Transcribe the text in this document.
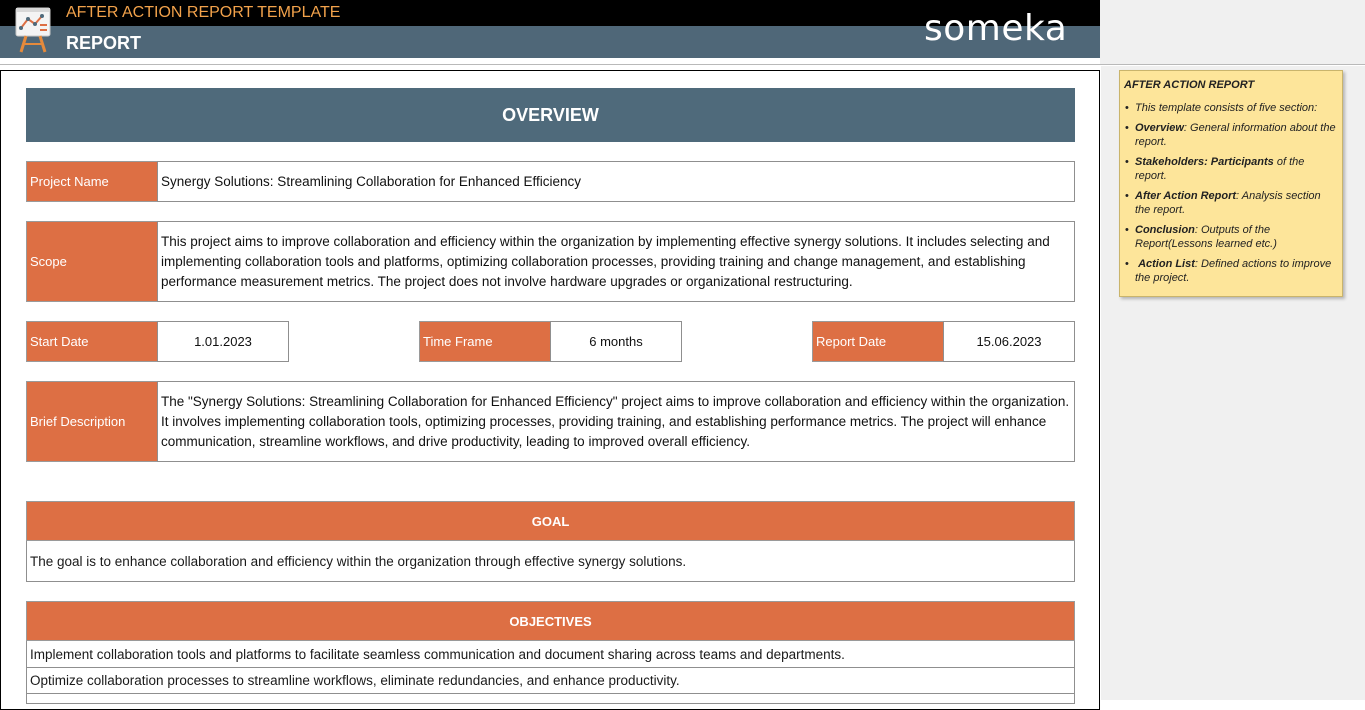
AFTER ACTION REPORT TEMPLATE
REPORT	someka
OVERVIEW
Project Name	Synergy Solutions: Streamlining Collaboration for Enhanced Efficiency
Scope
This project aims to improve collaboration and efficiency within the organization by implementing effective synergy solutions. It includes selecting and implementing collaboration tools and platforms, optimizing collaboration processes, providing training and change management, and establishing performance measurement metrics. The project does not involve hardware upgrades or organizational restructuring.
Start Date	1.01.2023	Time Frame	6 months	Report Date	15.06.2023
Brief Description
The "Synergy Solutions: Streamlining Collaboration for Enhanced Efficiency" project aims to improve collaboration and efficiency within the organization. It involves implementing collaboration tools, optimizing processes, providing training, and establishing performance metrics. The project will enhance communication, streamline workflows, and drive productivity, leading to improved overall efficiency.
GOAL
The goal is to enhance collaboration and efficiency within the organization through effective synergy solutions.
OBJECTIVES
Implement collaboration tools and platforms to facilitate seamless communication and document sharing across teams and departments.
Optimize collaboration processes to streamline workflows, eliminate redundancies, and enhance productivity.
AFTER ACTION REPORT
• This template consists of five section:
• Overview: General information about the report.
• Stakeholders: Participants of the report.
• After Action Report: Analysis section the report.
• Conclusion: Outputs of the Report(Lessons learned etc.)
• Action List: Defined actions to improve the project.
